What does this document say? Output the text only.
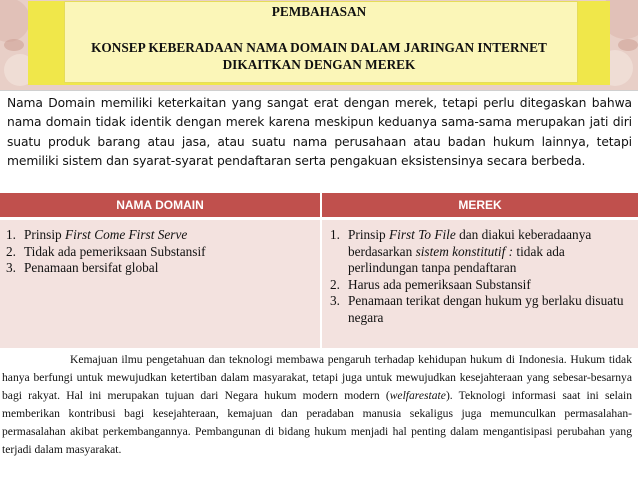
PEMBAHASAN
KONSEP KEBERADAAN NAMA DOMAIN DALAM JARINGAN INTERNET
DIKAITKAN DENGAN MEREK

Nama Domain memiliki keterkaitan yang sangat erat dengan merek, tetapi perlu ditegaskan bahwa nama domain tidak identik dengan merek karena meskipun keduanya sama-sama merupakan jati diri suatu produk barang atau jasa, atau suatu nama perusahaan atau badan hukum lainnya, tetapi memiliki sistem dan syarat-syarat pendaftaran serta pengakuan eksistensinya secara berbeda.

NAMA DOMAIN	MEREK
1. Prinsip First Come First Serve
2. Tidak ada pemeriksaan Substansif
3. Penamaan bersifat global
1. Prinsip First To File dan diakui keberadaanya berdasarkan sistem konstitutif : tidak ada perlindungan tanpa pendaftaran
2. Harus ada pemeriksaan Substansif
3. Penamaan terikat dengan hukum yg berlaku disuatu negara

Kemajuan ilmu pengetahuan dan teknologi membawa pengaruh terhadap kehidupan hukum di Indonesia. Hukum tidak hanya berfungi untuk mewujudkan ketertiban dalam masyarakat, tetapi juga untuk mewujudkan kesejahteraan yang sebesar-besarnya bagi rakyat. Hal ini merupakan tujuan dari Negara hukum modern modern (welfarestate). Teknologi informasi saat ini selain memberikan kontribusi bagi kesejahteraan, kemajuan dan peradaban manusia sekaligus juga memunculkan permasalahan-permasalahan akibat perkembangannya. Pembangunan di bidang hukum menjadi hal penting dalam mengantisipasi perubahan yang terjadi dalam masyarakat.
